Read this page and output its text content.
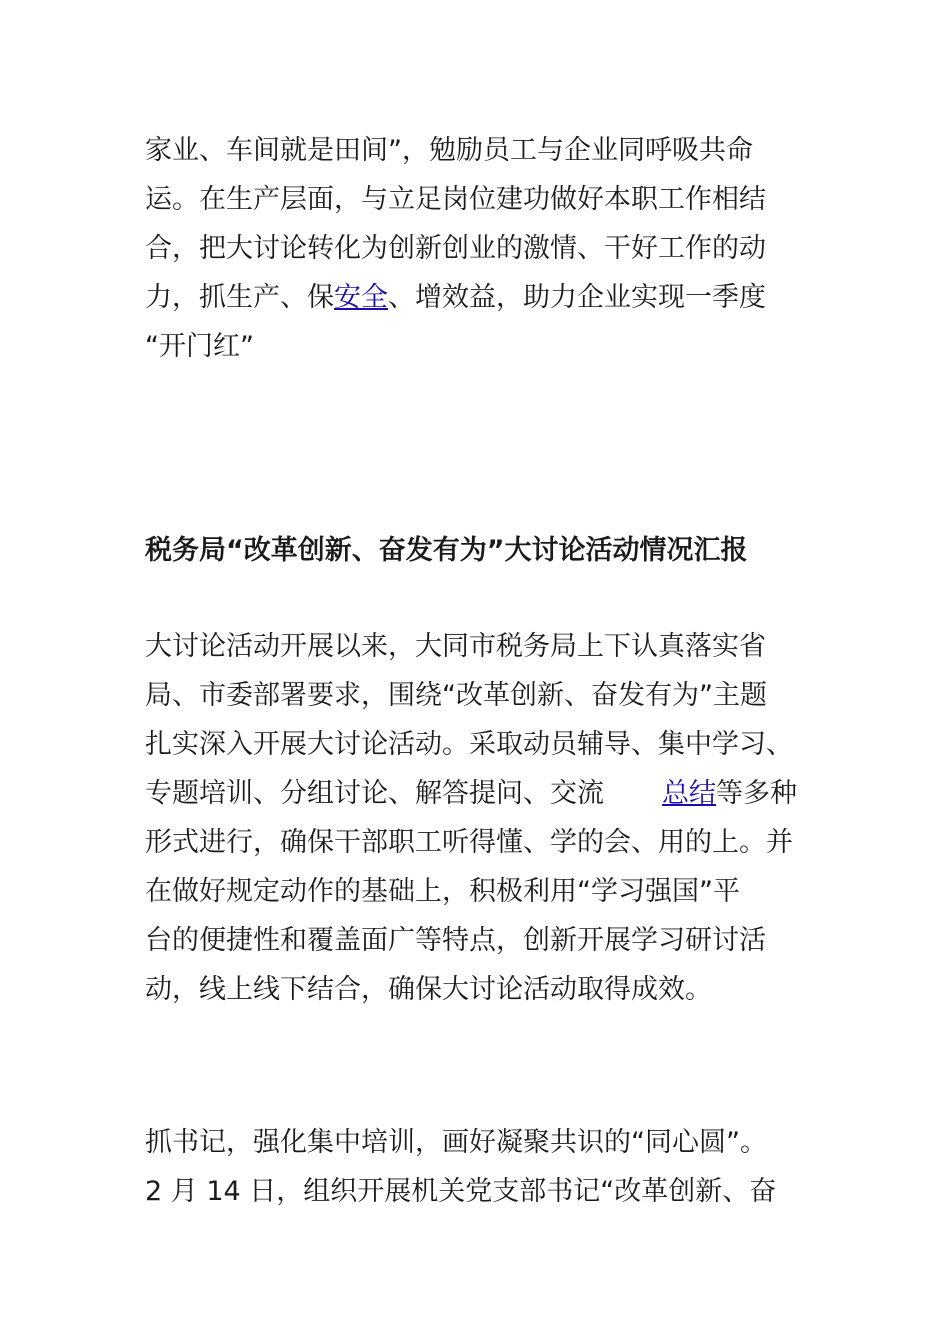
家业、车间就是田间”，勉励员工与企业同呼吸共命
运。在生产层面，与立足岗位建功做好本职工作相结
合，把大讨论转化为创新创业的激情、干好工作的动
力，抓生产、保安全、增效益，助力企业实现一季度
“开门红”

税务局“改革创新、奋发有为”大讨论活动情况汇报

大讨论活动开展以来，大同市税务局上下认真落实省
局、市委部署要求，围绕“改革创新、奋发有为”主题
扎实深入开展大讨论活动。采取动员辅导、集中学习、
专题培训、分组讨论、解答提问、交流 总结等多种
形式进行，确保干部职工听得懂、学的会、用的上。并
在做好规定动作的基础上，积极利用“学习强国”平
台的便捷性和覆盖面广等特点，创新开展学习研讨活
动，线上线下结合，确保大讨论活动取得成效。

抓书记，强化集中培训，画好凝聚共识的“同心圆”。
2 月 14 日，组织开展机关党支部书记“改革创新、奋
